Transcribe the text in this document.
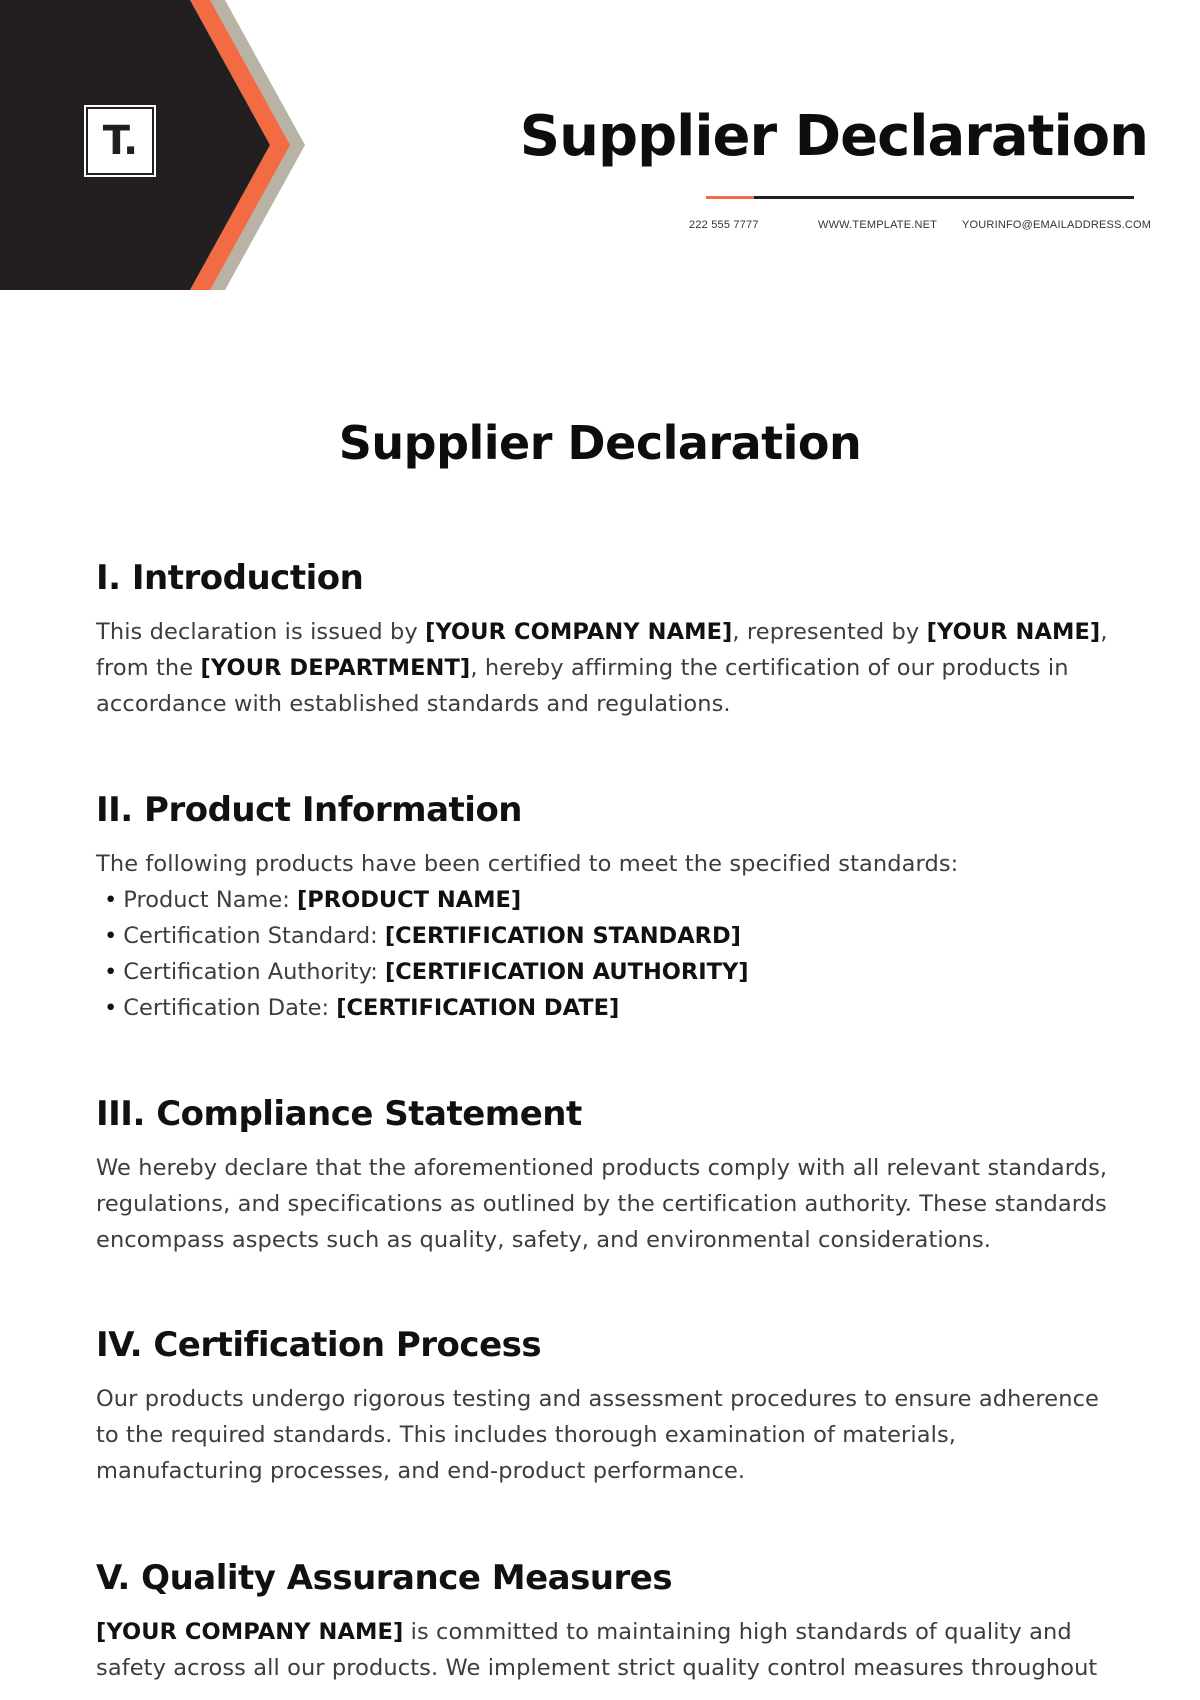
T.	Supplier Declaration
222 555 7777	WWW.TEMPLATE.NET YOURINFO@EMAILADDRESS.COM
Supplier Declaration
I. Introduction

This declaration is issued by [YOUR COMPANY NAME], represented by [YOUR NAME], from the [YOUR DEPARTMENT], hereby affirming the certification of our products in accordance with established standards and regulations.

II. Product Information

The following products have been certified to meet the specified standards:

• Product Name: [PRODUCT NAME]
• Certification Standard: [CERTIFICATION STANDARD]
• Certification Authority: [CERTIFICATION AUTHORITY]
• Certification Date: [CERTIFICATION DATE]
III. Compliance Statement

We hereby declare that the aforementioned products comply with all relevant standards, regulations, and specifications as outlined by the certification authority. These standards encompass aspects such as quality, safety, and environmental considerations.

IV. Certification Process

Our products undergo rigorous testing and assessment procedures to ensure adherence to the required standards. This includes thorough examination of materials, manufacturing processes, and end-product performance.

V. Quality Assurance Measures

[YOUR COMPANY NAME] is committed to maintaining high standards of quality and safety across all our products. We implement strict quality control measures throughout
